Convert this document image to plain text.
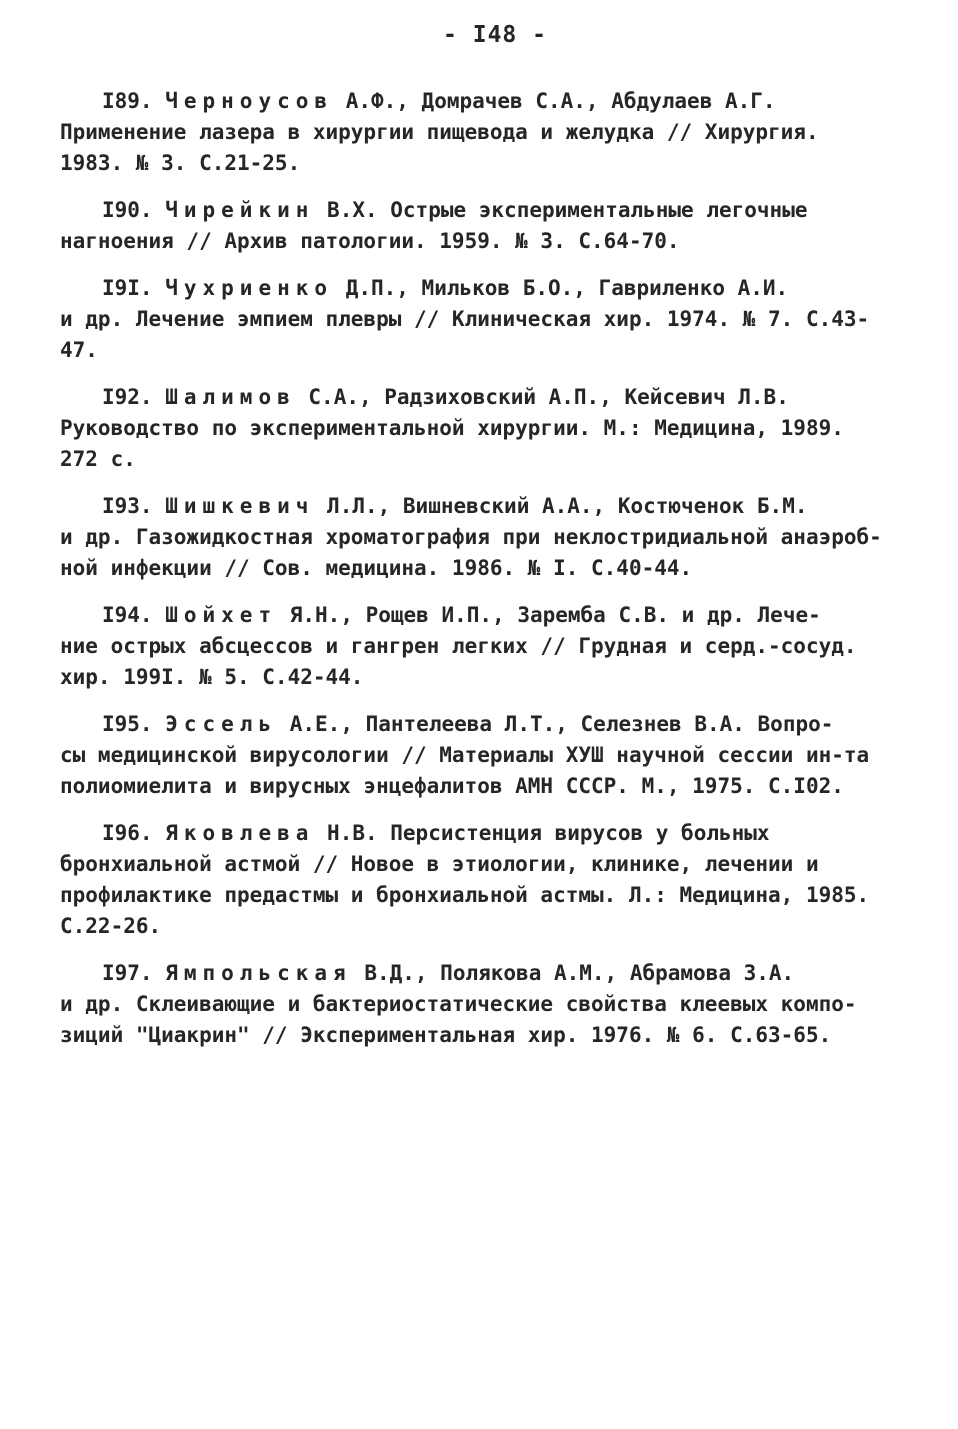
- I48 -
I89. Черноусов А.Ф., Домрачев С.А., Абдулаев А.Г.
Применение лазера в хирургии пищевода и желудка // Хирургия.
1983. № 3. С.21-25.
I90. Чирейкин В.Х. Острые экспериментальные легочные
нагноения // Архив патологии. 1959. № 3. С.64-70.
I9I. Чухриенко Д.П., Мильков Б.О., Гавриленко А.И.
и др. Лечение эмпием плевры // Клиническая хир. 1974. № 7. С.43-
47.
I92. Шалимов С.А., Радзиховский А.П., Кейсевич Л.В.
Руководство по экспериментальной хирургии. М.: Медицина, 1989.
272 с.
I93. Шишкевич Л.Л., Вишневский А.А., Костюченок Б.М.
и др. Газожидкостная хроматография при неклостридиальной анаэроб-
ной инфекции // Сов. медицина. 1986. № I. С.40-44.
I94. Шойхет Я.Н., Рощев И.П., Заремба С.В. и др. Лече-
ние острых абсцессов и гангрен легких // Грудная и серд.-сосуд.
хир. 199I. № 5. С.42-44.
I95. Эссель А.Е., Пантелеева Л.Т., Селезнев В.А. Вопро-
сы медицинской вирусологии // Материалы ХУШ научной сессии ин-та
полиомиелита и вирусных энцефалитов АМН СССР. М., 1975. С.I02.
I96. Яковлева Н.В. Персистенция вирусов у больных
бронхиальной астмой // Новое в этиологии, клинике, лечении и
профилактике предастмы и бронхиальной астмы. Л.: Медицина, 1985.
С.22-26.
I97. Ямпольская В.Д., Полякова А.М., Абрамова З.А.
и др. Склеивающие и бактериостатические свойства клеевых компо-
зиций "Циакрин" // Экспериментальная хир. 1976. № 6. С.63-65.
